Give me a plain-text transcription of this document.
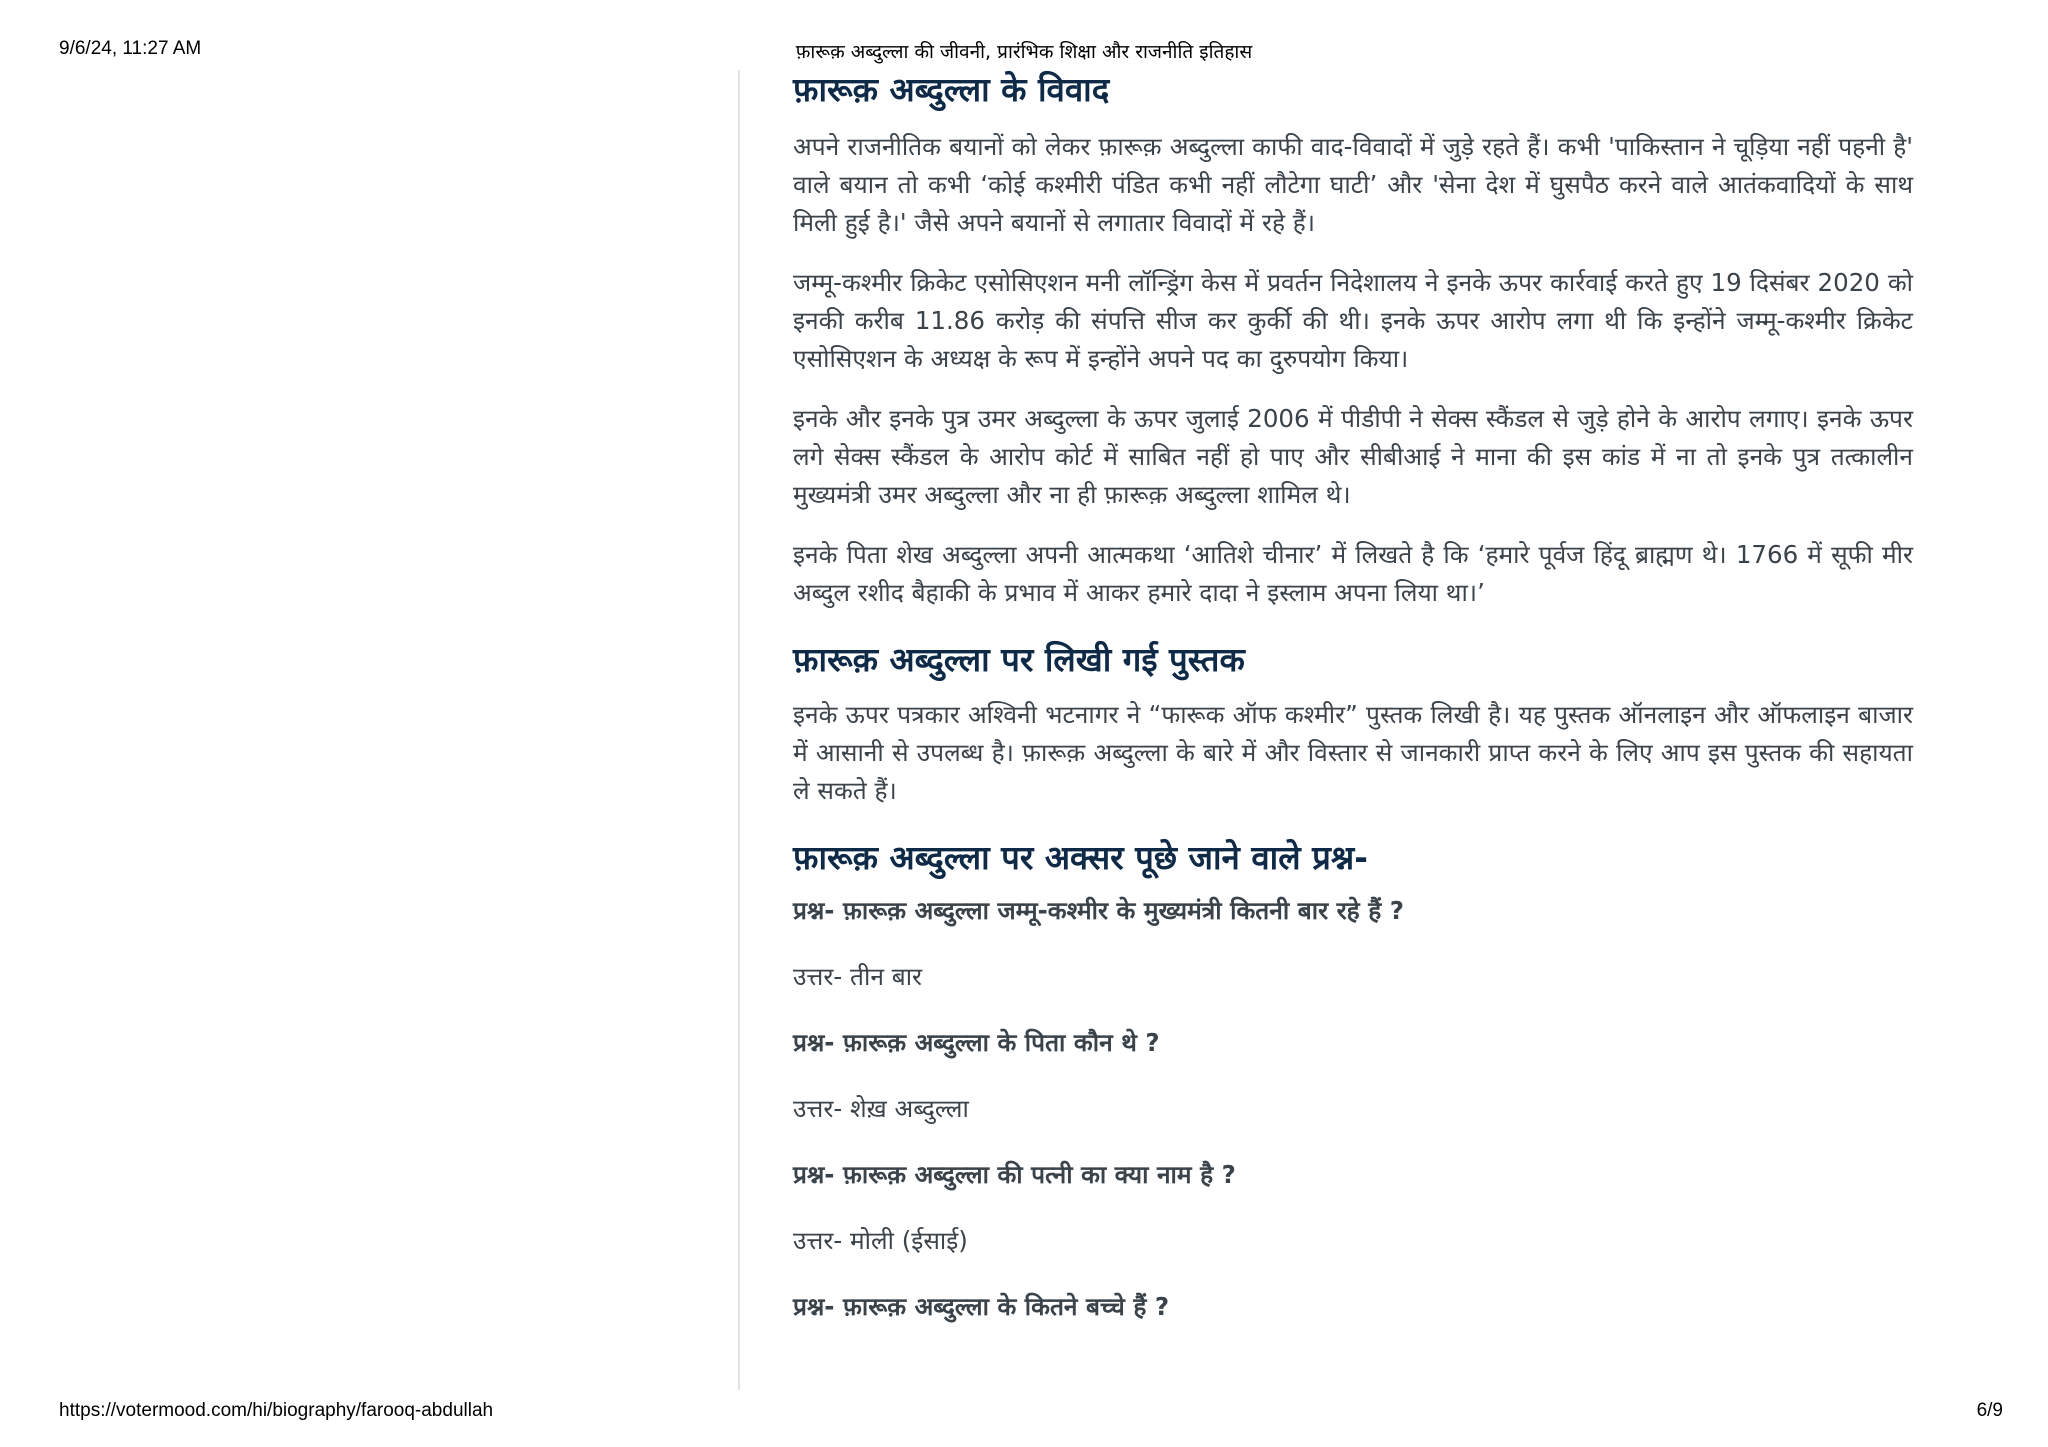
9/6/24, 11:27 AM	फ़ारूक़ अब्दुल्ला की जीवनी, प्रारंभिक शिक्षा और राजनीति इतिहास
फ़ारूक़ अब्दुल्ला के विवाद

अपने राजनीतिक बयानों को लेकर फ़ारूक़ अब्दुल्ला काफी वाद-विवादों में जुड़े रहते हैं। कभी 'पाकिस्तान ने चूड़िया नहीं पहनी है' वाले बयान तो कभी ‘कोई कश्मीरी पंडित कभी नहीं लौटेगा घाटी’ और 'सेना देश में घुसपैठ करने वाले आतंकवादियों के साथ मिली हुई है।' जैसे अपने बयानों से लगातार विवादों में रहे हैं।

जम्मू-कश्मीर क्रिकेट एसोसिएशन मनी लॉन्ड्रिंग केस में प्रवर्तन निदेशालय ने इनके ऊपर कार्रवाई करते हुए 19 दिसंबर 2020 को इनकी करीब 11.86 करोड़ की संपत्ति सीज कर कुर्की की थी। इनके ऊपर आरोप लगा थी कि इन्होंने जम्मू-कश्मीर क्रिकेट एसोसिएशन के अध्यक्ष के रूप में इन्होंने अपने पद का दुरुपयोग किया।

इनके और इनके पुत्र उमर अब्दुल्ला के ऊपर जुलाई 2006 में पीडीपी ने सेक्स स्कैंडल से जुड़े होने के आरोप लगाए। इनके ऊपर लगे सेक्स स्कैंडल के आरोप कोर्ट में साबित नहीं हो पाए और सीबीआई ने माना की इस कांड में ना तो इनके पुत्र तत्कालीन मुख्यमंत्री उमर अब्दुल्ला और ना ही फ़ारूक़ अब्दुल्ला शामिल थे।

इनके पिता शेख अब्दुल्ला अपनी आत्मकथा ‘आतिशे चीनार’ में लिखते है कि ‘हमारे पूर्वज हिंदू ब्राह्मण थे। 1766 में सूफी मीर अब्दुल रशीद बैहाकी के प्रभाव में आकर हमारे दादा ने इस्लाम अपना लिया था।’

फ़ारूक़ अब्दुल्ला पर लिखी गई पुस्तक

इनके ऊपर पत्रकार अश्विनी भटनागर ने “फारूक ऑफ कश्मीर” पुस्तक लिखी है। यह पुस्तक ऑनलाइन और ऑफलाइन बाजार में आसानी से उपलब्ध है। फ़ारूक़ अब्दुल्ला के बारे में और विस्तार से जानकारी प्राप्त करने के लिए आप इस पुस्तक की सहायता ले सकते हैं।

फ़ारूक़ अब्दुल्ला पर अक्सर पूछे जाने वाले प्रश्न-
प्रश्न- फ़ारूक़ अब्दुल्ला जम्मू-कश्मीर के मुख्यमंत्री कितनी बार रहे हैं ?
उत्तर- तीन बार
प्रश्न- फ़ारूक़ अब्दुल्ला के पिता कौन थे ?
उत्तर- शेख़ अब्दुल्ला
प्रश्न- फ़ारूक़ अब्दुल्ला की पत्नी का क्या नाम है ?
उत्तर- मोली (ईसाई)
प्रश्न- फ़ारूक़ अब्दुल्ला के कितने बच्चे हैं ?
https://votermood.com/hi/biography/farooq-abdullah	6/9
